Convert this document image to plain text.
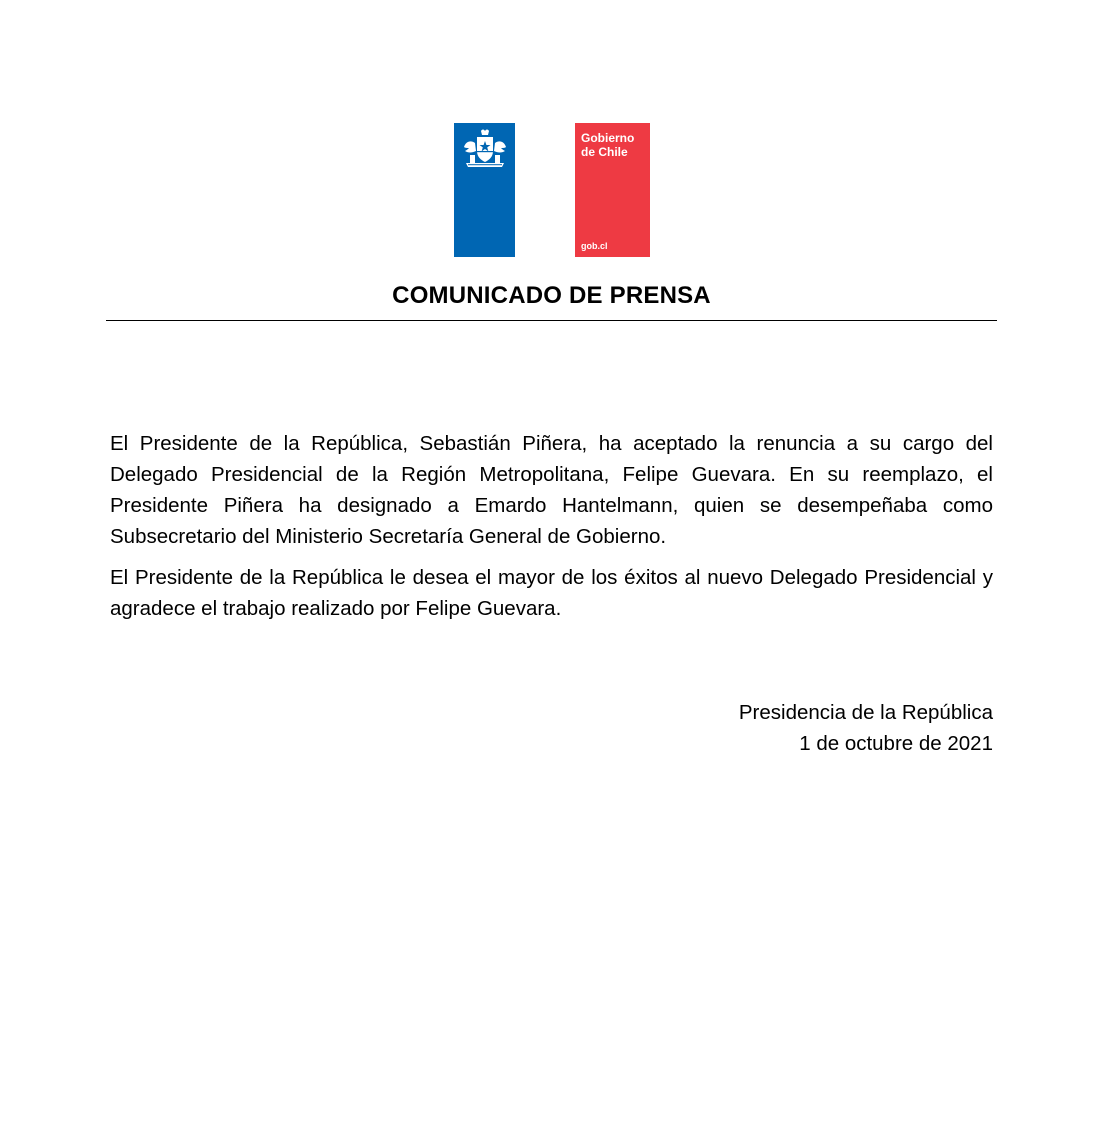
Gobierno
de Chile
gob.cl
COMUNICADO DE PRENSA

El Presidente de la República, Sebastián Piñera, ha aceptado la renuncia a su cargo del Delegado Presidencial de la Región Metropolitana, Felipe Guevara. En su reemplazo, el Presidente Piñera ha designado a Emardo Hantelmann, quien se desempeñaba como Subsecretario del Ministerio Secretaría General de Gobierno.

El Presidente de la República le desea el mayor de los éxitos al nuevo Delegado Presidencial y agradece el trabajo realizado por Felipe Guevara.

Presidencia de la República
1 de octubre de 2021
